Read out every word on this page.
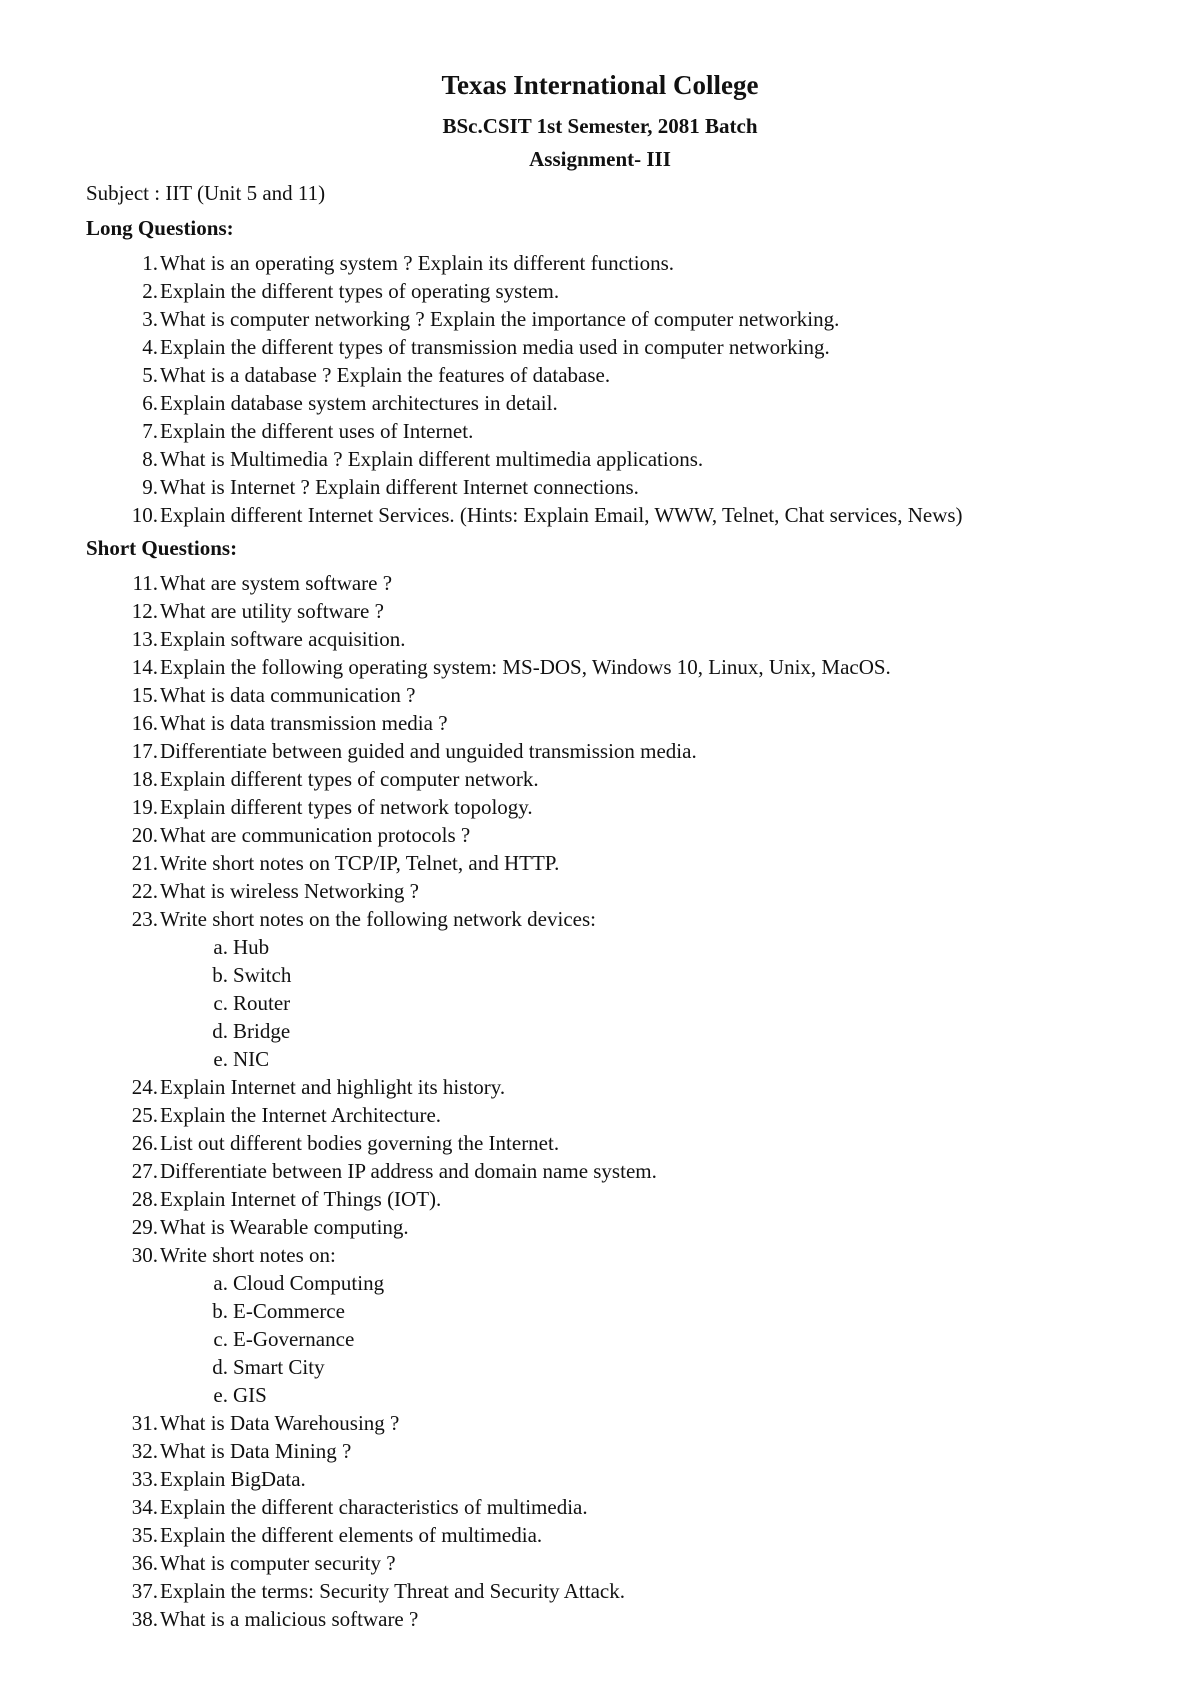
Texas International College
BSc.CSIT 1st Semester, 2081 Batch
Assignment- III
Subject : IIT (Unit 5 and 11)
Long Questions:
1. What is an operating system ? Explain its different functions.
2. Explain the different types of operating system.
3. What is computer networking ? Explain the importance of computer networking.
4. Explain the different types of transmission media used in computer networking.
5. What is a database ? Explain the features of database.
6. Explain database system architectures in detail.
7. Explain the different uses of Internet.
8. What is Multimedia ? Explain different multimedia applications.
9. What is Internet ? Explain different Internet connections.
10. Explain different Internet Services. (Hints: Explain Email, WWW, Telnet, Chat services, News)
Short Questions:
11. What are system software ?
12. What are utility software ?
13. Explain software acquisition.
14. Explain the following operating system: MS-DOS, Windows 10, Linux, Unix, MacOS.
15. What is data communication ?
16. What is data transmission media ?
17. Differentiate between guided and unguided transmission media.
18. Explain different types of computer network.
19. Explain different types of network topology.
20. What are communication protocols ?
21. Write short notes on TCP/IP, Telnet, and HTTP.
22. What is wireless Networking ?
23. Write short notes on the following network devices:
a. Hub
b. Switch
c. Router
d. Bridge
e. NIC
24. Explain Internet and highlight its history.
25. Explain the Internet Architecture.
26. List out different bodies governing the Internet.
27. Differentiate between IP address and domain name system.
28. Explain Internet of Things (IOT).
29. What is Wearable computing.
30. Write short notes on:
a. Cloud Computing
b. E-Commerce
c. E-Governance
d. Smart City
e. GIS
31. What is Data Warehousing ?
32. What is Data Mining ?
33. Explain BigData.
34. Explain the different characteristics of multimedia.
35. Explain the different elements of multimedia.
36. What is computer security ?
37. Explain the terms: Security Threat and Security Attack.
38. What is a malicious software ?
